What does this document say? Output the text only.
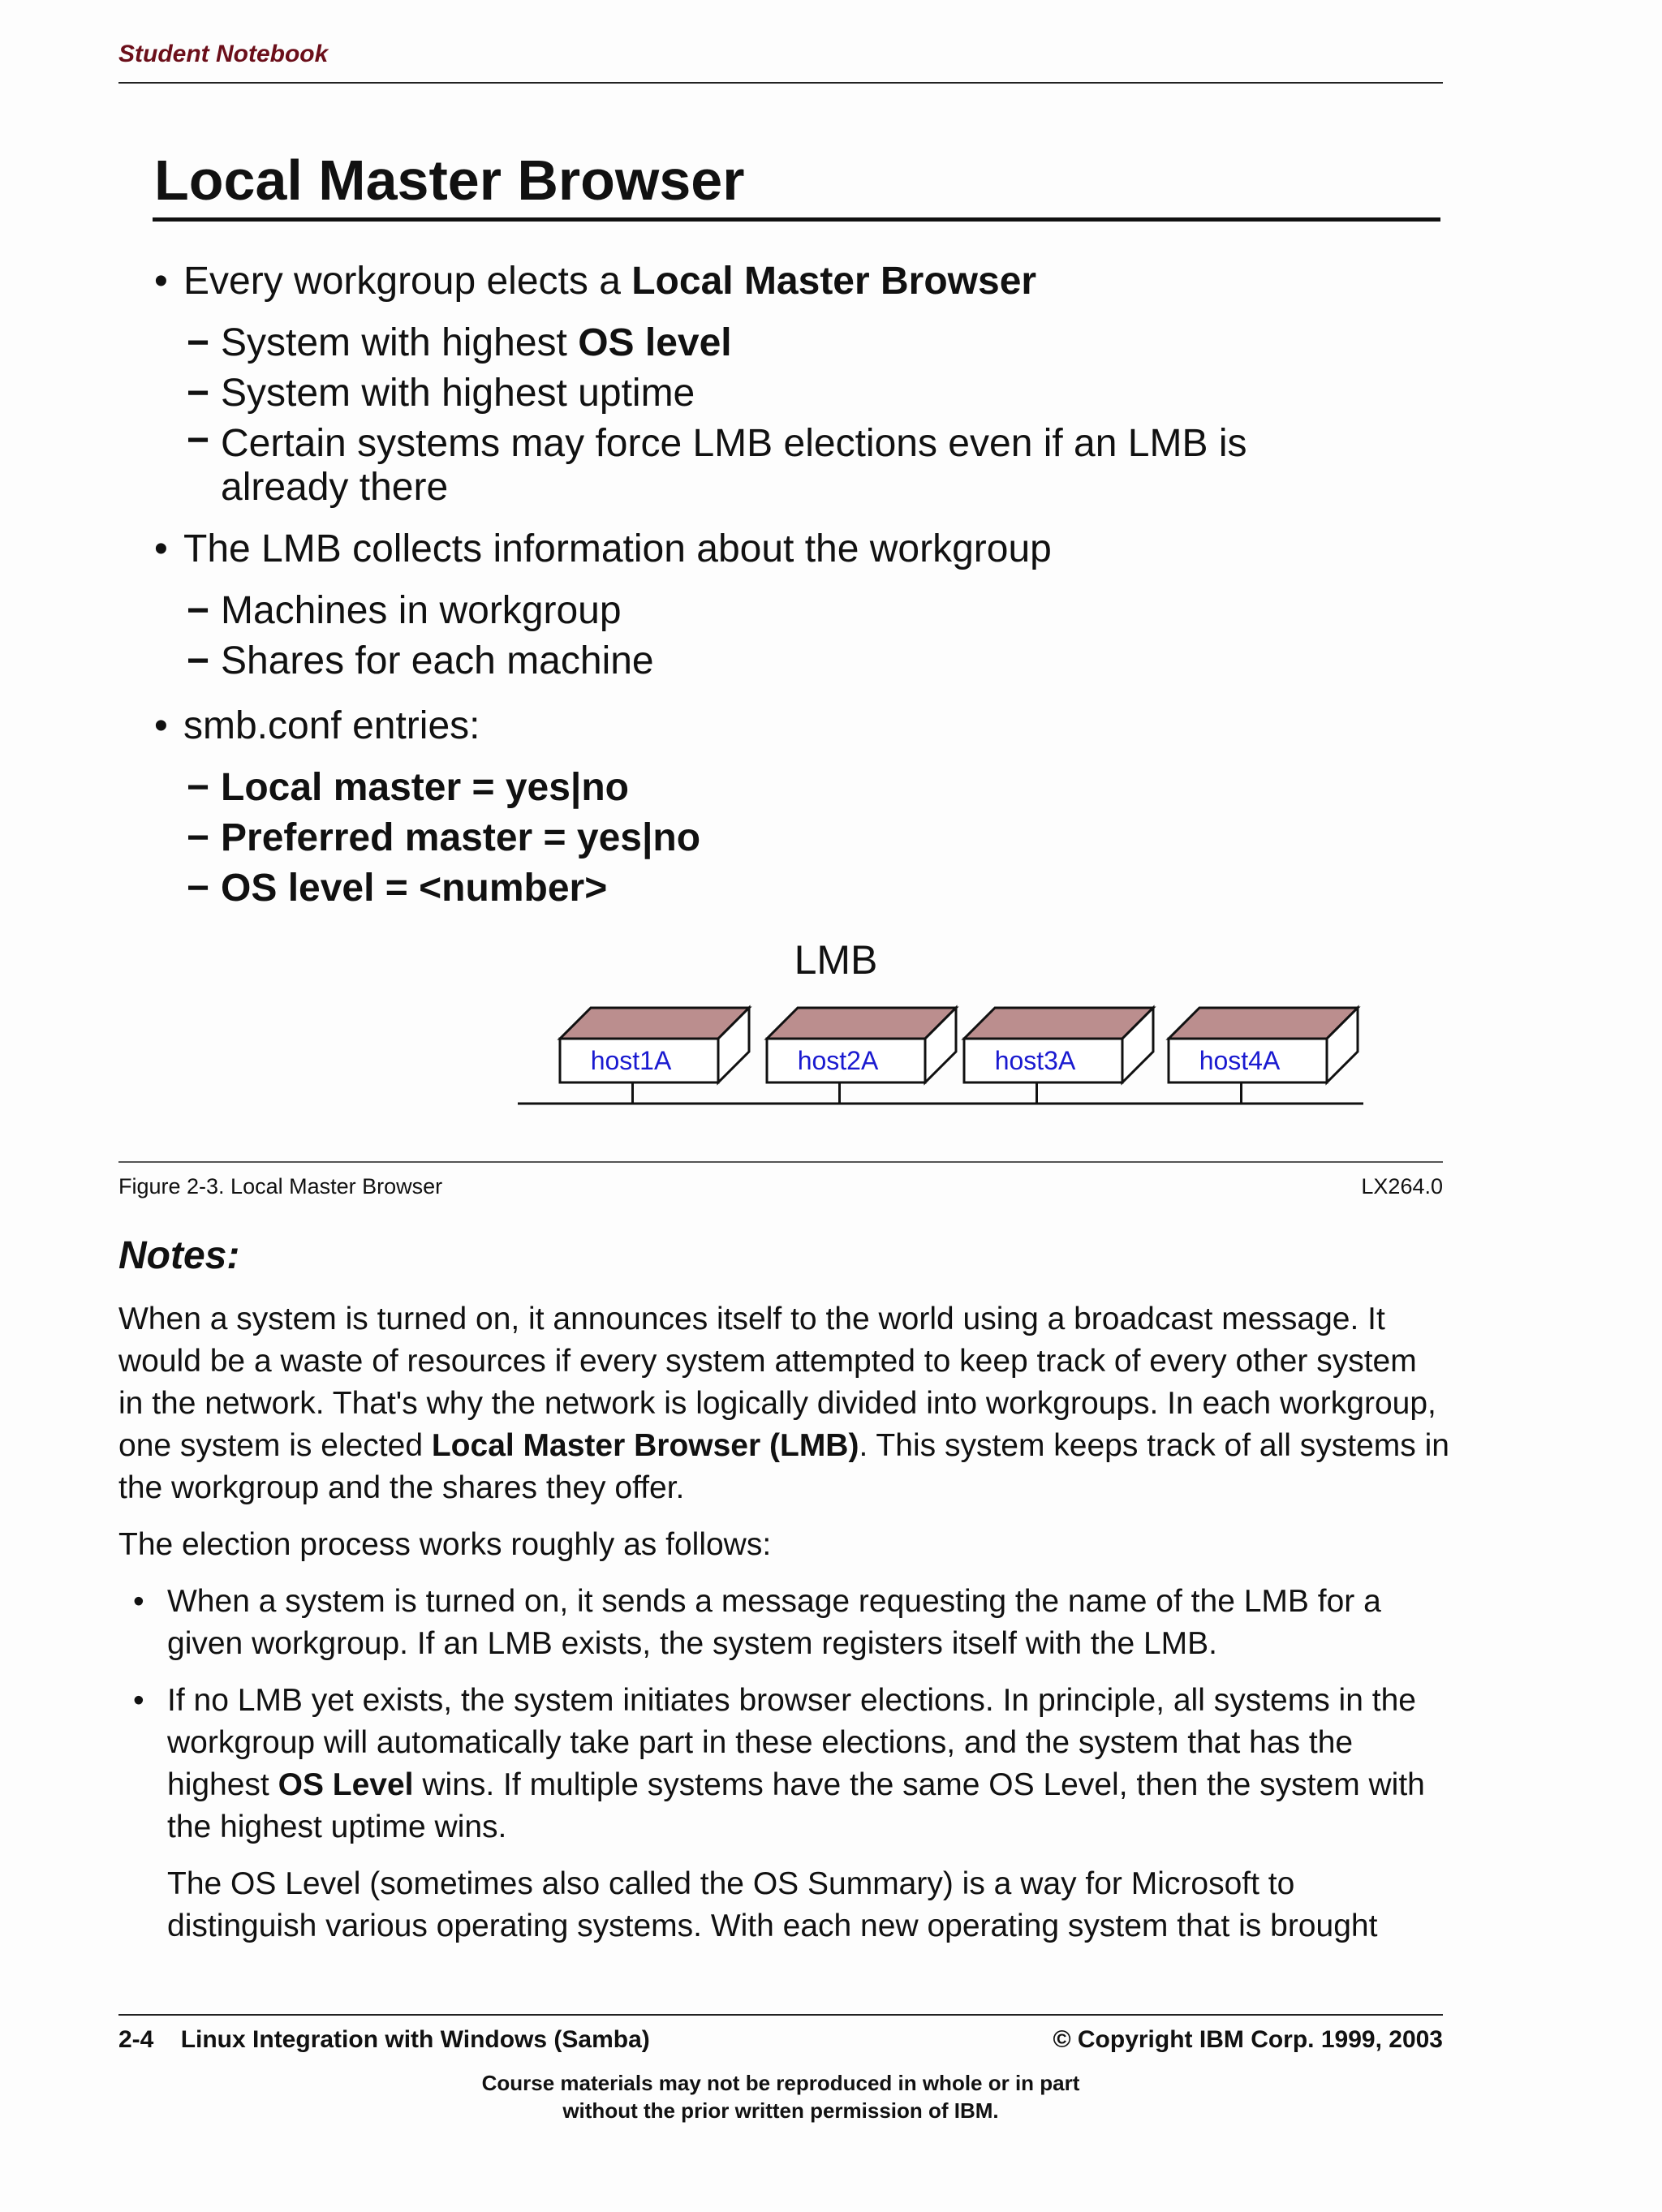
Student Notebook
Local Master Browser
• Every workgroup elects a Local Master Browser
− System with highest OS level
− System with highest uptime
− Certain systems may force LMB elections even if an LMB is already there
• The LMB collects information about the workgroup
− Machines in workgroup
− Shares for each machine
• smb.conf entries:
− Local master = yes|no
− Preferred master = yes|no
− OS level = <number>
LMB
host1A	host2A	host3A	host4A
Figure 2-3. Local Master Browser	LX264.0
Notes:

When a system is turned on, it announces itself to the world using a broadcast message. It would be a waste of resources if every system attempted to keep track of every other system in the network. That's why the network is logically divided into workgroups. In each workgroup, one system is elected Local Master Browser (LMB). This system keeps track of all systems in the workgroup and the shares they offer.

The election process works roughly as follows:

• When a system is turned on, it sends a message requesting the name of the LMB for a given workgroup. If an LMB exists, the system registers itself with the LMB.
• If no LMB yet exists, the system initiates browser elections. In principle, all systems in the workgroup will automatically take part in these elections, and the system that has the highest OS Level wins. If multiple systems have the same OS Level, then the system with the highest uptime wins.

The OS Level (sometimes also called the OS Summary) is a way for Microsoft to distinguish various operating systems. With each new operating system that is brought

2-4    Linux Integration with Windows (Samba)	© Copyright IBM Corp. 1999, 2003
Course materials may not be reproduced in whole or in part
without the prior written permission of IBM.
